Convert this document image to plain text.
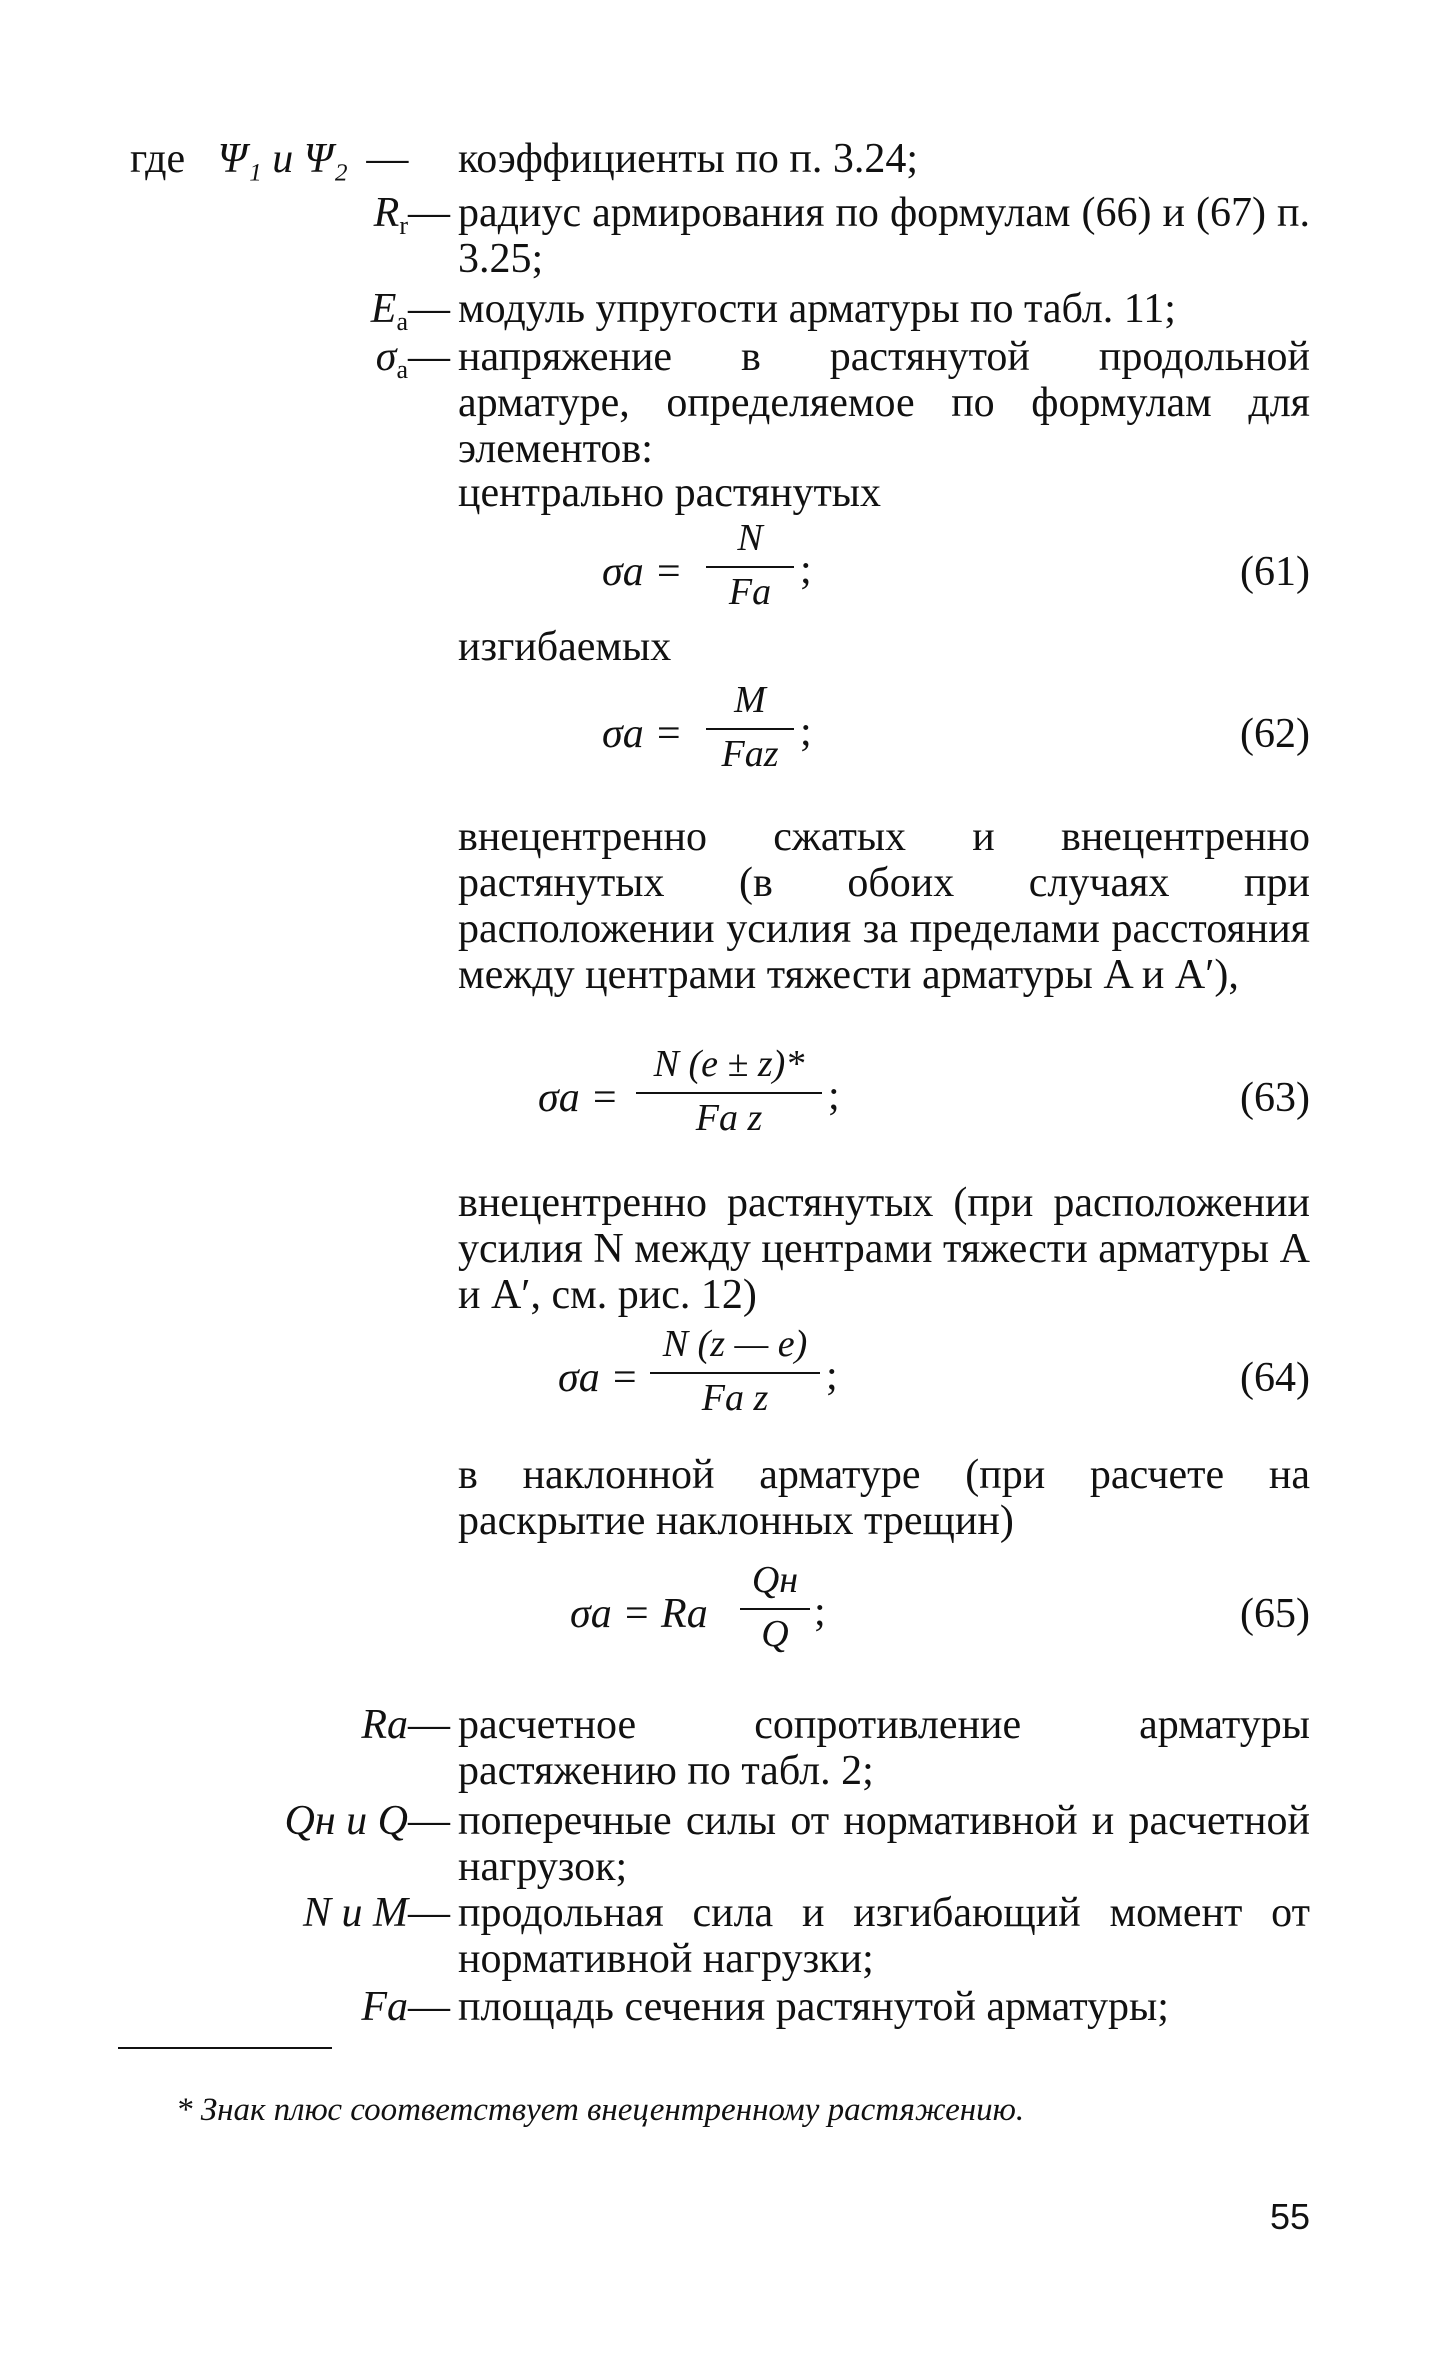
где Ψ₁ и Ψ₂ —	коэффициенты по п. 3.24;
$R_r—$ радиус армирования по формулам (66) и (67) п. 3.25;
$E_а—$ модуль упругости арматуры по табл. 11;
$\sigma_а—$ напряжение в растянутой продольной арматуре, определяемое по формулам для элементов:
центрально растянутых
σа =
N
Fа ;	(61)
изгибаемых
σа =
M
Fаz ;	(62)
внецентренно сжатых и внецентренно растянутых (в обоих случаях при расположении усилия за пределами расстояния между центрами тяжести арматуры A и A′),
σа =
N (e ± z)*
Fа z	;	(63)
внецентренно растянутых (при расположении усилия N между центрами тяжести арматуры A и A′, см. рис. 12)
σа =
N (z — e)
Fа z	;	(64)
в наклонной арматуре (при расчете на раскрытие наклонных трещин)
σа = Rа
Qн
Q ;	(65)
Rа— расчетное сопротивление арматуры растяжению по табл. 2;
Qн и Q— поперечные силы от нормативной и расчетной нагрузок;
N и M— продольная сила и изгибающий момент от нормативной нагрузки;
Fа— площадь сечения растянутой арматуры;
* Знак плюс соответствует внецентренному растяжению.
55
